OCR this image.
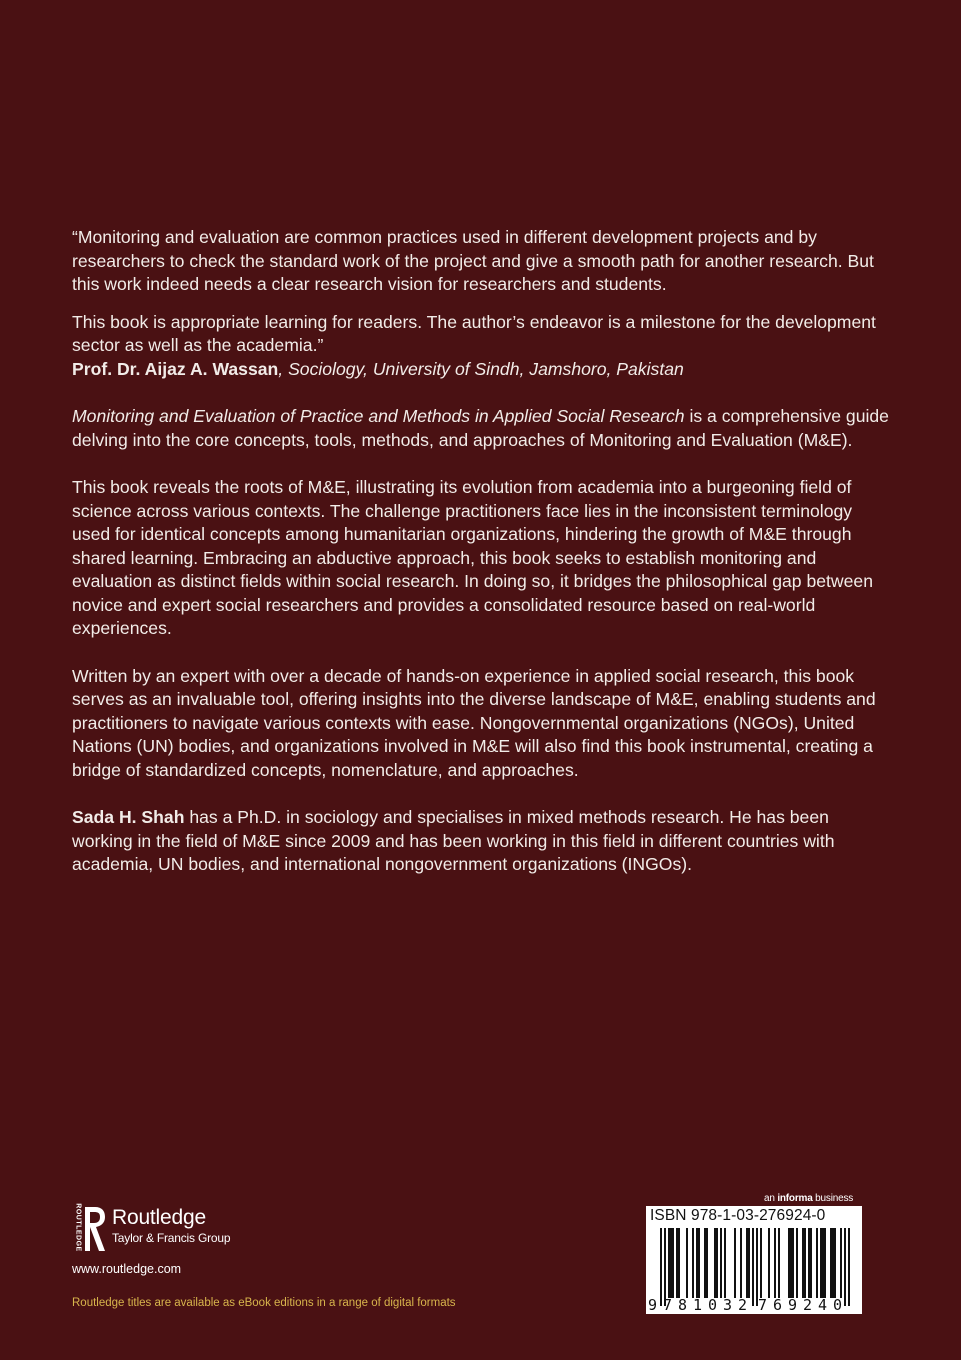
“Monitoring and evaluation are common practices used in different development projects and by researchers to check the standard work of the project and give a smooth path for another research. But this work indeed needs a clear research vision for researchers and students.

This book is appropriate learning for readers. The author’s endeavor is a milestone for the development sector as well as the academia.”

Prof. Dr. Aijaz A. Wassan, Sociology, University of Sindh, Jamshoro, Pakistan

Monitoring and Evaluation of Practice and Methods in Applied Social Research is a comprehensive guide delving into the core concepts, tools, methods, and approaches of Monitoring and Evaluation (M&E).

This book reveals the roots of M&E, illustrating its evolution from academia into a burgeoning field of science across various contexts. The challenge practitioners face lies in the inconsistent terminology used for identical concepts among humanitarian organizations, hindering the growth of M&E through shared learning. Embracing an abductive approach, this book seeks to establish monitoring and evaluation as distinct fields within social research. In doing so, it bridges the philosophical gap between novice and expert social researchers and provides a consolidated resource based on real-world experiences.

Written by an expert with over a decade of hands-on experience in applied social research, this book serves as an invaluable tool, offering insights into the diverse landscape of M&E, enabling students and practitioners to navigate various contexts with ease. Nongovernmental organizations (NGOs), United Nations (UN) bodies, and organizations involved in M&E will also find this book instrumental, creating a bridge of standardized concepts, nomenclature, and approaches.

Sada H. Shah has a Ph.D. in sociology and specialises in mixed methods research. He has been working in the field of M&E since 2009 and has been working in this field in different countries with academia, UN bodies, and international nongovernment organizations (INGOs).

ROUTLEDGE Routledge
Taylor & Francis Group
www.routledge.com
Routledge titles are available as eBook editions in a range of digital formats
an informa business
ISBN 978-1-03-276924-0
9 781032 769240
